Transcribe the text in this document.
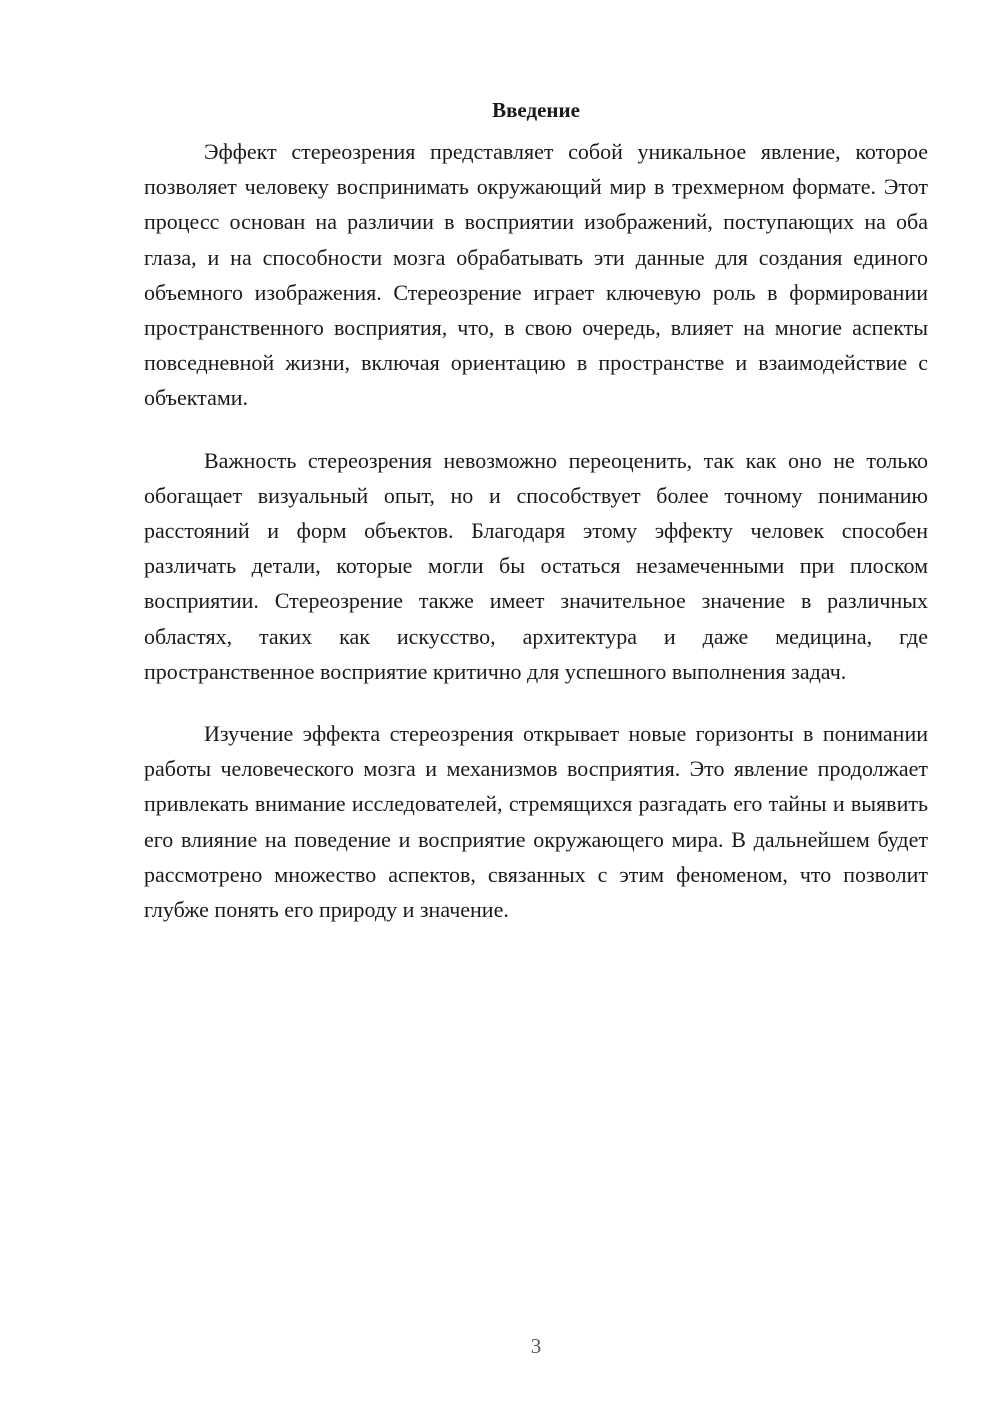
Введение

Эффект стереозрения представляет собой уникальное явление, которое позволяет человеку воспринимать окружающий мир в трехмерном формате. Этот процесс основан на различии в восприятии изображений, поступающих на оба глаза, и на способности мозга обрабатывать эти данные для создания единого объемного изображения. Стереозрение играет ключевую роль в формировании пространственного восприятия, что, в свою очередь, влияет на многие аспекты повседневной жизни, включая ориентацию в пространстве и взаимодействие с объектами.

Важность стереозрения невозможно переоценить, так как оно не только обогащает визуальный опыт, но и способствует более точному пониманию расстояний и форм объектов. Благодаря этому эффекту человек способен различать детали, которые могли бы остаться незамеченными при плоском восприятии. Стереозрение также имеет значительное значение в различных областях, таких как искусство, архитектура и даже медицина, где пространственное восприятие критично для успешного выполнения задач.

Изучение эффекта стереозрения открывает новые горизонты в понимании работы человеческого мозга и механизмов восприятия. Это явление продолжает привлекать внимание исследователей, стремящихся разгадать его тайны и выявить его влияние на поведение и восприятие окружающего мира. В дальнейшем будет рассмотрено множество аспектов, связанных с этим феноменом, что позволит глубже понять его природу и значение.

3
